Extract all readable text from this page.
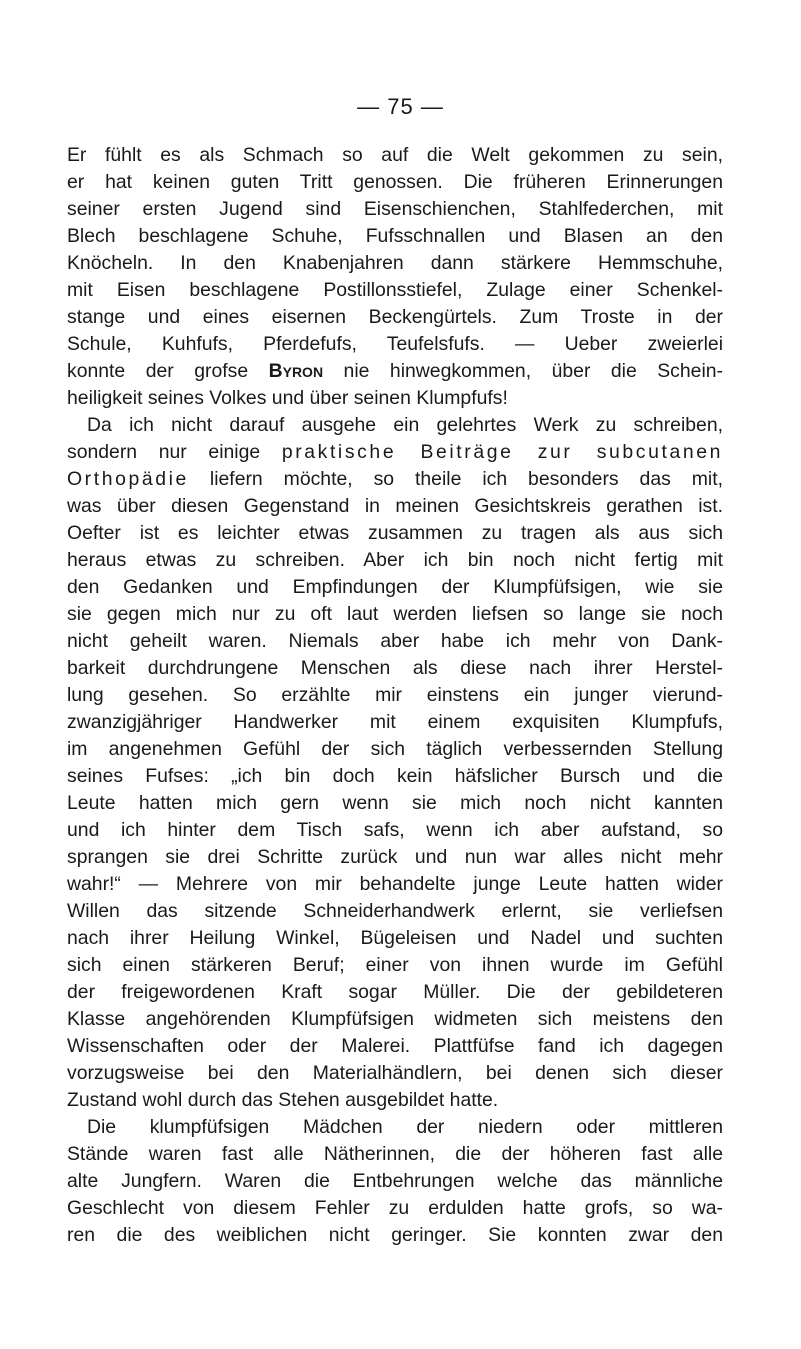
— 75 —
Er fühlt es als Schmach so auf die Welt gekommen zu sein,
er hat keinen guten Tritt genossen. Die früheren Erinnerungen
seiner ersten Jugend sind Eisenschienchen, Stahlfederchen, mit
Blech beschlagene Schuhe, Fufsschnallen und Blasen an den
Knöcheln. In den Knabenjahren dann stärkere Hemmschuhe,
mit Eisen beschlagene Postillonsstiefel, Zulage einer Schenkel-
stange und eines eisernen Beckengürtels. Zum Troste in der
Schule, Kuhfufs, Pferdefufs, Teufelsfufs. — Ueber zweierlei
konnte der grofse Byron nie hinwegkommen, über die Schein-
heiligkeit seines Volkes und über seinen Klumpfufs!
Da ich nicht darauf ausgehe ein gelehrtes Werk zu schreiben,
sondern nur einige praktische Beiträge zur subcutanen
Orthopädie liefern möchte, so theile ich besonders das mit,
was über diesen Gegenstand in meinen Gesichtskreis gerathen ist.
Oefter ist es leichter etwas zusammen zu tragen als aus sich
heraus etwas zu schreiben. Aber ich bin noch nicht fertig mit
den Gedanken und Empfindungen der Klumpfüfsigen, wie sie
sie gegen mich nur zu oft laut werden liefsen so lange sie noch
nicht geheilt waren. Niemals aber habe ich mehr von Dank-
barkeit durchdrungene Menschen als diese nach ihrer Herstel-
lung gesehen. So erzählte mir einstens ein junger vierund-
zwanzigjähriger Handwerker mit einem exquisiten Klumpfufs,
im angenehmen Gefühl der sich täglich verbessernden Stellung
seines Fufses: „ich bin doch kein häfslicher Bursch und die
Leute hatten mich gern wenn sie mich noch nicht kannten
und ich hinter dem Tisch safs, wenn ich aber aufstand, so
sprangen sie drei Schritte zurück und nun war alles nicht mehr
wahr!“ — Mehrere von mir behandelte junge Leute hatten wider
Willen das sitzende Schneiderhandwerk erlernt, sie verliefsen
nach ihrer Heilung Winkel, Bügeleisen und Nadel und suchten
sich einen stärkeren Beruf; einer von ihnen wurde im Gefühl
der freigewordenen Kraft sogar Müller. Die der gebildeteren
Klasse angehörenden Klumpfüfsigen widmeten sich meistens den
Wissenschaften oder der Malerei. Plattfüfse fand ich dagegen
vorzugsweise bei den Materialhändlern, bei denen sich dieser
Zustand wohl durch das Stehen ausgebildet hatte.
Die klumpfüfsigen Mädchen der niedern oder mittleren
Stände waren fast alle Nätherinnen, die der höheren fast alle
alte Jungfern. Waren die Entbehrungen welche das männliche
Geschlecht von diesem Fehler zu erdulden hatte grofs, so wa-
ren die des weiblichen nicht geringer. Sie konnten zwar den
